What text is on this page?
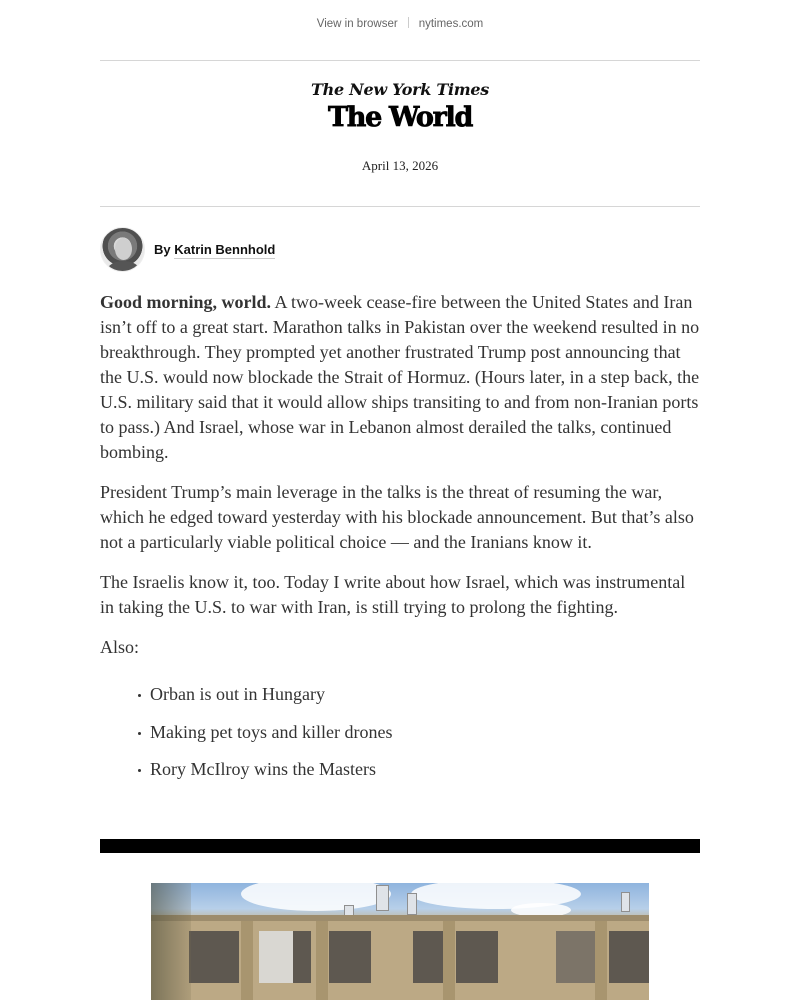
View in browser nytimes.com
The New York Times
The World
April 13, 2026
By Katrin Bennhold

Good morning, world. A two-week cease-fire between the United States and Iran isn’t off to a great start. Marathon talks in Pakistan over the weekend resulted in no breakthrough. They prompted yet another frustrated Trump post announcing that the U.S. would now blockade the Strait of Hormuz. (Hours later, in a step back, the U.S. military said that it would allow ships transiting to and from non-Iranian ports to pass.) And Israel, whose war in Lebanon almost derailed the talks, continued bombing.

President Trump’s main leverage in the talks is the threat of resuming the war, which he edged toward yesterday with his blockade announcement. But that’s also not a particularly viable political choice — and the Iranians know it.

The Israelis know it, too. Today I write about how Israel, which was instrumental in taking the U.S. to war with Iran, is still trying to prolong the fighting.

Also:

Orban is out in Hungary
Making pet toys and killer drones
Rory McIlroy wins the Masters
